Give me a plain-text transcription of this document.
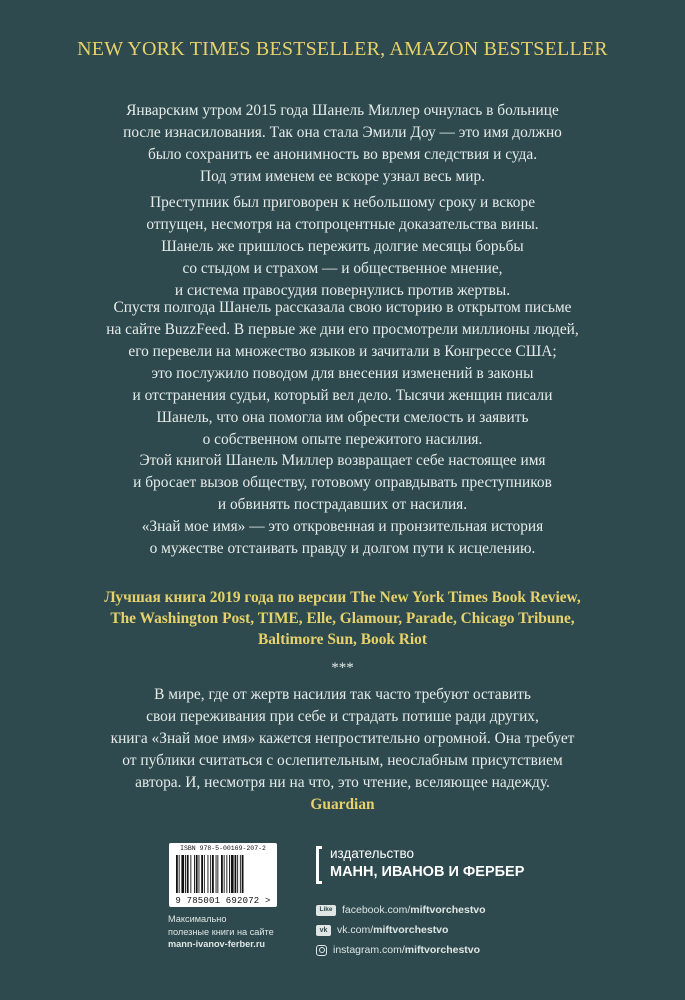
NEW YORK TIMES BESTSELLER, AMAZON BESTSELLER

Январским утром 2015 года Шанель Миллер очнулась в больнице

после изнасилования. Так она стала Эмили Доу — это имя должно

было сохранить ее анонимность во время следствия и суда.

Под этим именем ее вскоре узнал весь мир.

Преступник был приговорен к небольшому сроку и вскоре

отпущен, несмотря на стопроцентные доказательства вины.

Шанель же пришлось пережить долгие месяцы борьбы

со стыдом и страхом — и общественное мнение,

и система правосудия повернулись против жертвы.

Спустя полгода Шанель рассказала свою историю в открытом письме

на сайте BuzzFeed. В первые же дни его просмотрели миллионы людей,

его перевели на множество языков и зачитали в Конгрессе США;

это послужило поводом для внесения изменений в законы

и отстранения судьи, который вел дело. Тысячи женщин писали

Шанель, что она помогла им обрести смелость и заявить

о собственном опыте пережитого насилия.

Этой книгой Шанель Миллер возвращает себе настоящее имя

и бросает вызов обществу, готовому оправдывать преступников

и обвинять пострадавших от насилия.

«Знай мое имя» — это откровенная и пронзительная история

о мужестве отстаивать правду и долгом пути к исцелению.

Лучшая книга 2019 года по версии The New York Times Book Review,
The Washington Post, TIME, Elle, Glamour, Parade, Chicago Tribune,
Baltimore Sun, Book Riot
***

В мире, где от жертв насилия так часто требуют оставить

свои переживания при себе и страдать потише ради других,

книга «Знай мое имя» кажется непростительно огромной. Она требует

от публики считаться с ослепительным, неослабным присутствием

автора. И, несмотря ни на что, это чтение, вселяющее надежду.

Guardian

ISBN 978-5-00169-207-2
9 785001 692072 >
Максимально
полезные книги на сайте
mann-ivanov-ferber.ru
издательство
МАНН, ИВАНОВ И ФЕРБЕР
Like facebook.com/ miftvorchestvo
vk vk.com/ miftvorchestvo
instagram.com/ miftvorchestvo
